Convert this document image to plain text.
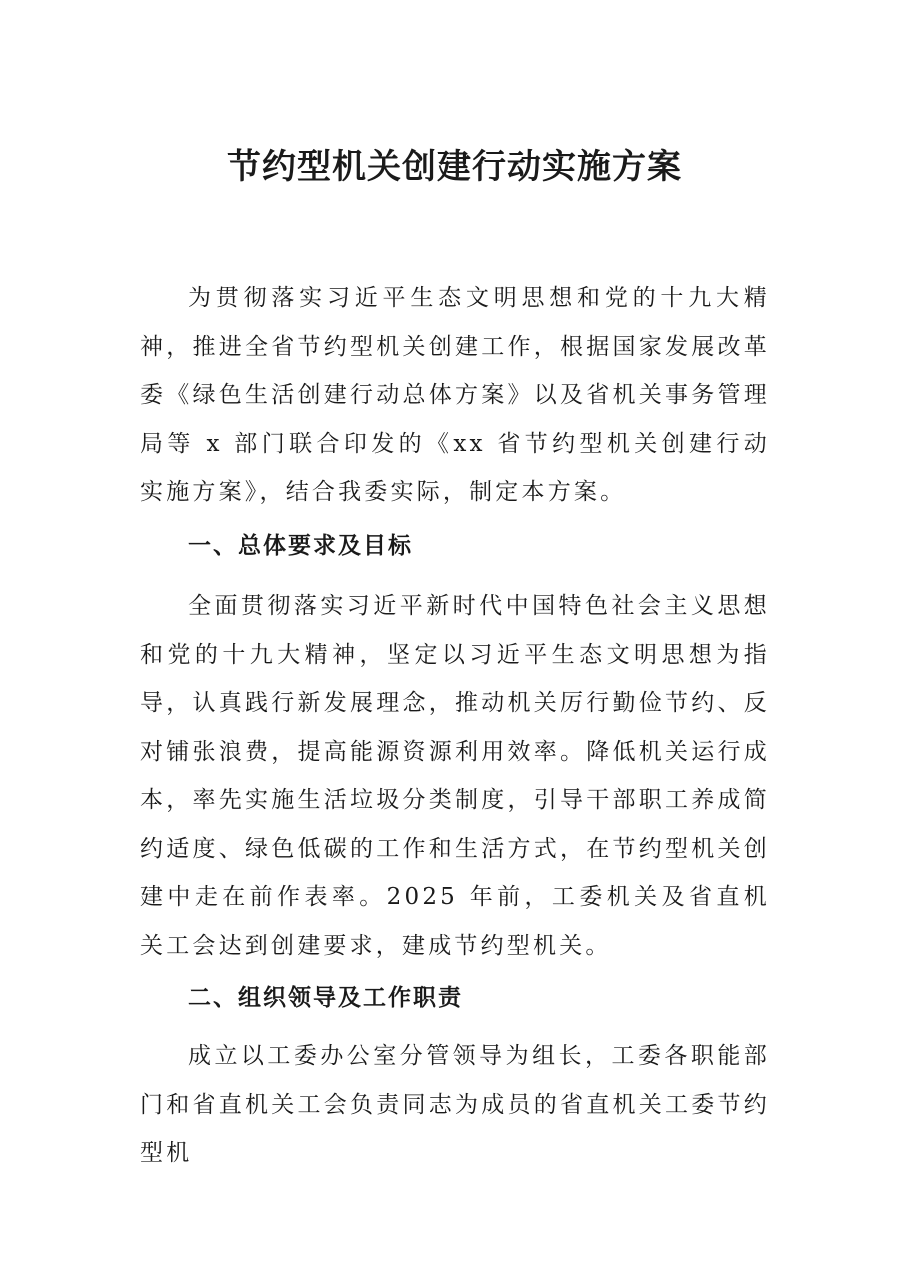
节约型机关创建行动实施方案

为贯彻落实习近平生态文明思想和党的十九大精神，推进全省节约型机关创建工作，根据国家发展改革委《绿色生活创建行动总体方案》以及省机关事务管理局等 x 部门联合印发的《xx 省节约型机关创建行动实施方案》，结合我委实际，制定本方案。

一、总体要求及目标

全面贯彻落实习近平新时代中国特色社会主义思想和党的十九大精神，坚定以习近平生态文明思想为指导，认真践行新发展理念，推动机关厉行勤俭节约、反对铺张浪费，提高能源资源利用效率。降低机关运行成本，率先实施生活垃圾分类制度，引导干部职工养成简约适度、绿色低碳的工作和生活方式，在节约型机关创建中走在前作表率。2025 年前，工委机关及省直机关工会达到创建要求，建成节约型机关。

二、组织领导及工作职责

成立以工委办公室分管领导为组长，工委各职能部门和省直机关工会负责同志为成员的省直机关工委节约型机
